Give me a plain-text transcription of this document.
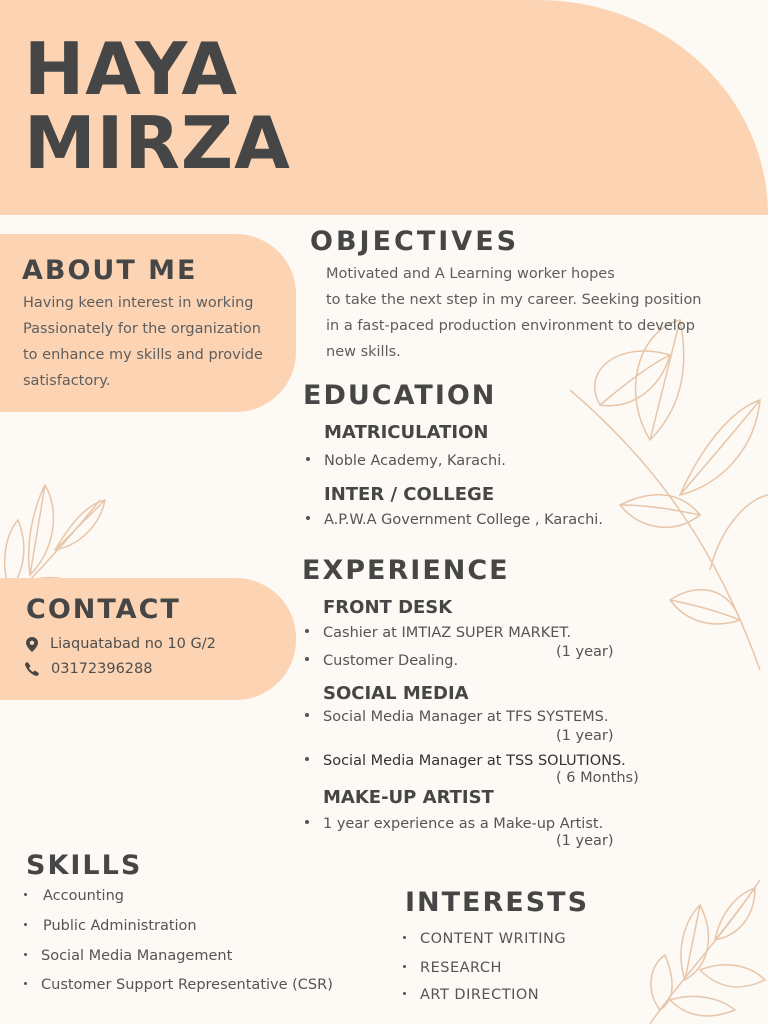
HAYA
MIRZA
ABOUT ME

Having keen interest in working

Passionately for the organization

to enhance my skills and provide

satisfactory.

OBJECTIVES

Motivated and A Learning worker hopes

to take the next step in my career. Seeking position

in a fast-paced production environment to develop

new skills.

EDUCATION
MATRICULATION
Noble Academy, Karachi.
INTER / COLLEGE
A.P.W.A Government College , Karachi.
CONTACT
Liaquatabad no 10 G/2
03172396288
EXPERIENCE
FRONT DESK
Cashier at IMTIAZ SUPER MARKET.
(1 year)
Customer Dealing.
SOCIAL MEDIA
Social Media Manager at TFS SYSTEMS.
(1 year)
Social Media Manager at TSS SOLUTIONS.
( 6 Months)
MAKE-UP ARTIST
1 year experience as a Make-up Artist.
(1 year)
SKILLS
Accounting
Public Administration
Social Media Management
Customer Support Representative (CSR)
INTERESTS
CONTENT WRITING
RESEARCH
ART DIRECTION
